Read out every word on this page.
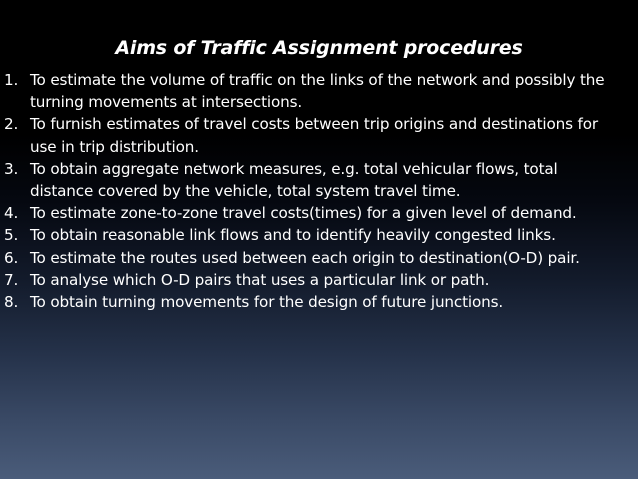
Aims of Traffic Assignment procedures
1. To estimate the volume of traffic on the links of the network and possibly the turning movements at intersections.
2. To furnish estimates of travel costs between trip origins and destinations for use in trip distribution.
3. To obtain aggregate network measures, e.g. total vehicular flows, total distance covered by the vehicle, total system travel time.
4. To estimate zone-to-zone travel costs(times) for a given level of demand.
5. To obtain reasonable link flows and to identify heavily congested links.
6. To estimate the routes used between each origin to destination(O-D) pair.
7. To analyse which O-D pairs that uses a particular link or path.
8. To obtain turning movements for the design of future junctions.
